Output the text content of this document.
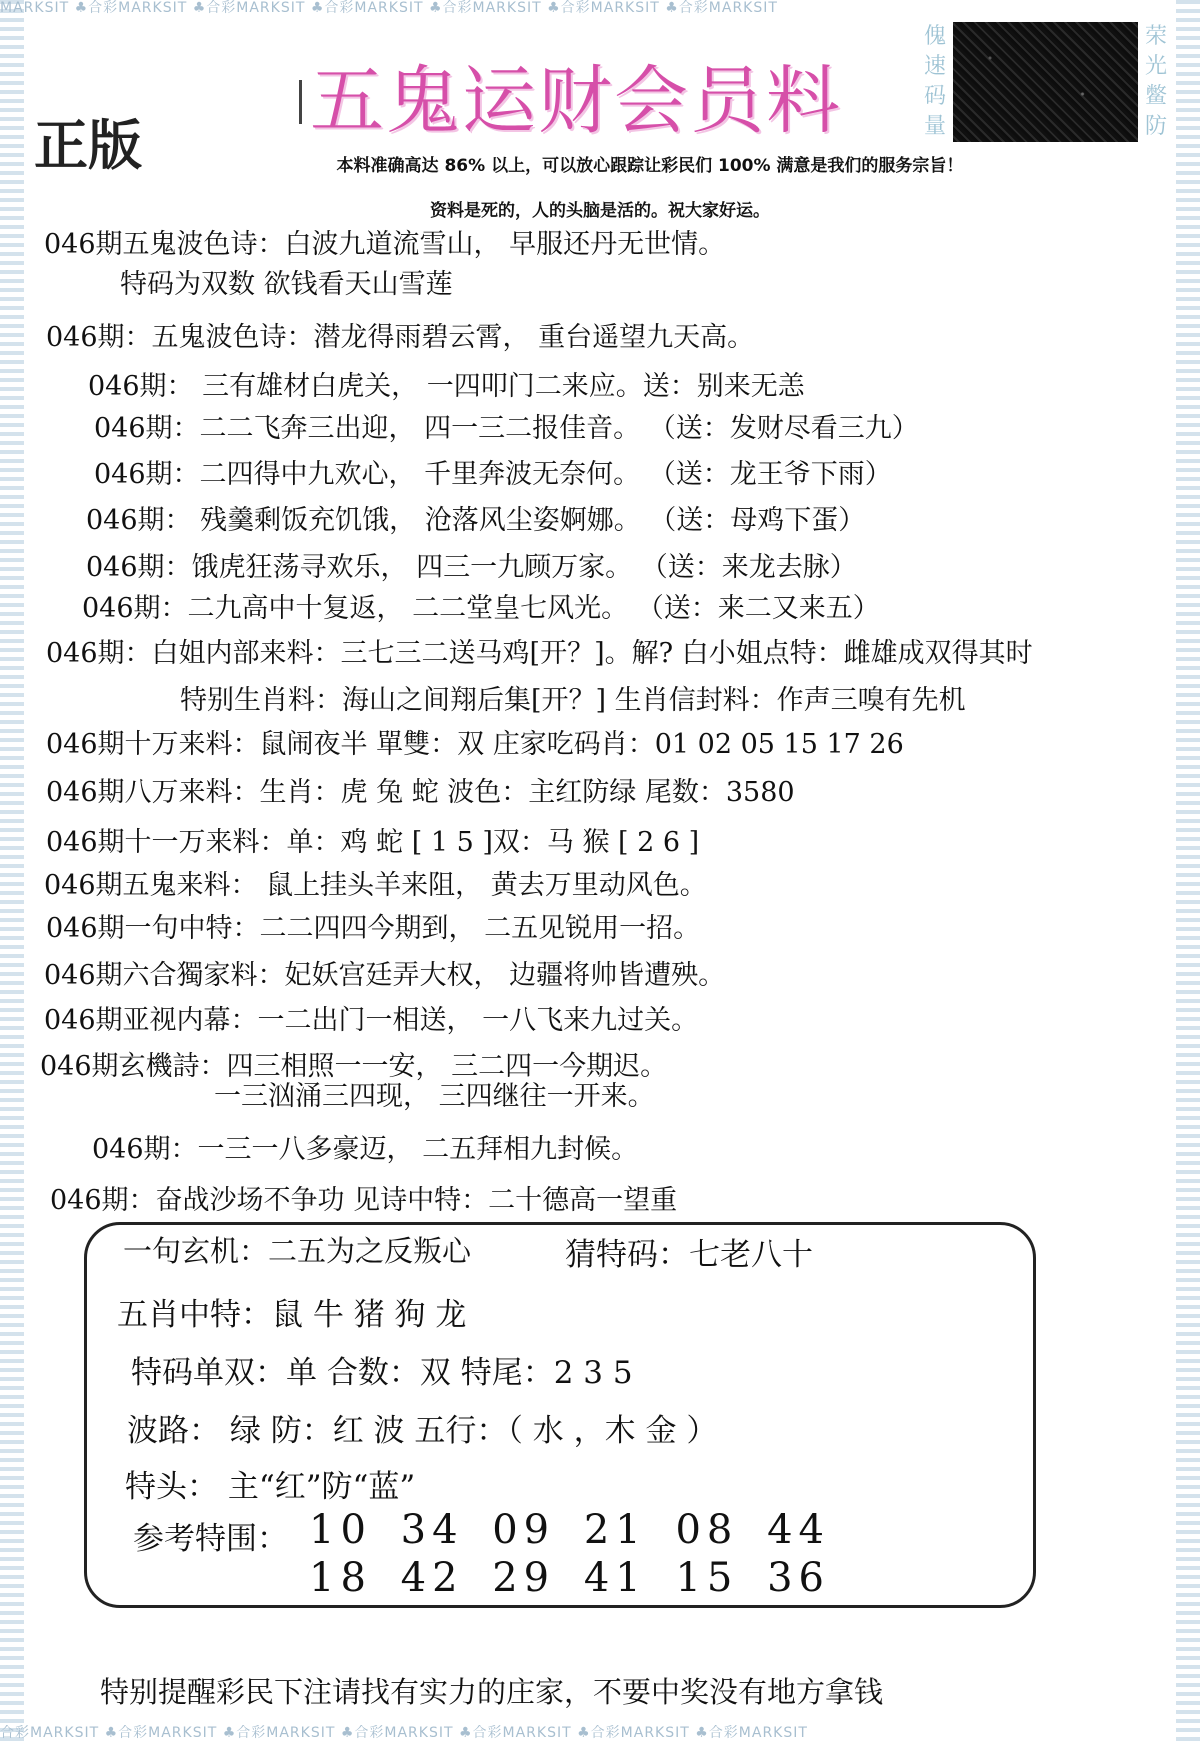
MARKSIT ♣合彩MARKSIT ♣合彩MARKSIT ♣合彩MARKSIT ♣合彩MARKSIT ♣合彩MARKSIT ♣合彩MARKSIT
合彩MARKSIT ♣合彩MARKSIT ♣合彩MARKSIT ♣合彩MARKSIT ♣合彩MARKSIT ♣合彩MARKSIT ♣合彩MARKSIT
正版
五鬼运财会员料
傀速码量
荣光鳖防
本料准确高达 86% 以上，可以放心跟踪让彩民们 100% 满意是我们的服务宗旨！
资料是死的，人的头脑是活的。祝大家好运。
046期五鬼波色诗：白波九道流雪山， 早服还丹无世情。
特码为双数 欲钱看天山雪莲
046期：五鬼波色诗：潜龙得雨碧云霄， 重台遥望九天高。
046期： 三有雄材白虎关， 一四叩门二来应。送：别来无恙
046期：二二飞奔三出迎， 四一三二报佳音。 （送：发财尽看三九）
046期：二四得中九欢心， 千里奔波无奈何。 （送：龙王爷下雨）
046期： 残羹剩饭充饥饿， 沧落风尘姿婀娜。 （送：母鸡下蛋）
046期：饿虎狂荡寻欢乐， 四三一九顾万家。 （送：来龙去脉）
046期：二九高中十复返， 二二堂皇七风光。 （送：来二又来五）
046期：白姐内部来料：三七三二送马鸡[开？]。解? 白小姐点特：雌雄成双得其时
特别生肖料：海山之间翔后集[开？] 生肖信封料：作声三嗅有先机
046期十万来料：鼠闹夜半 單雙：双 庄家吃码肖：01 02 05 15 17 26
046期八万来料：生肖：虎 兔 蛇 波色：主红防绿 尾数：3580
046期十一万来料：单：鸡 蛇 [ 1 5 ]双：马 猴 [ 2 6 ]
046期五鬼来料： 鼠上挂头羊来阻， 黄去万里动风色。
046期一句中特：二二四四今期到， 二五见锐用一招。
046期六合獨家料：妃妖宫廷弄大权， 边疆将帅皆遭殃。
046期亚视内幕：一二出门一相送， 一八飞来九过关。
046期玄機詩：四三相照一一安， 三二四一今期迟。
一三汹涌三四现， 三四继往一开来。
046期：一三一八多豪迈， 二五拜相九封候。
046期：奋战沙场不争功 见诗中特：二十德高一望重
一句玄机：二五为之反叛心	猜特码：七老八十
五肖中特：鼠 牛 猪 狗 龙
特码单双：单 合数：双 特尾：2 3 5
波路： 绿 防：红 波 五行：（ 水 ，木 金 ）
特头： 主“红”防“蓝”
参考特围： 10 34 09 21 08 44
18 42 29 41 15 36
特别提醒彩民下注请找有实力的庄家，不要中奖没有地方拿钱
